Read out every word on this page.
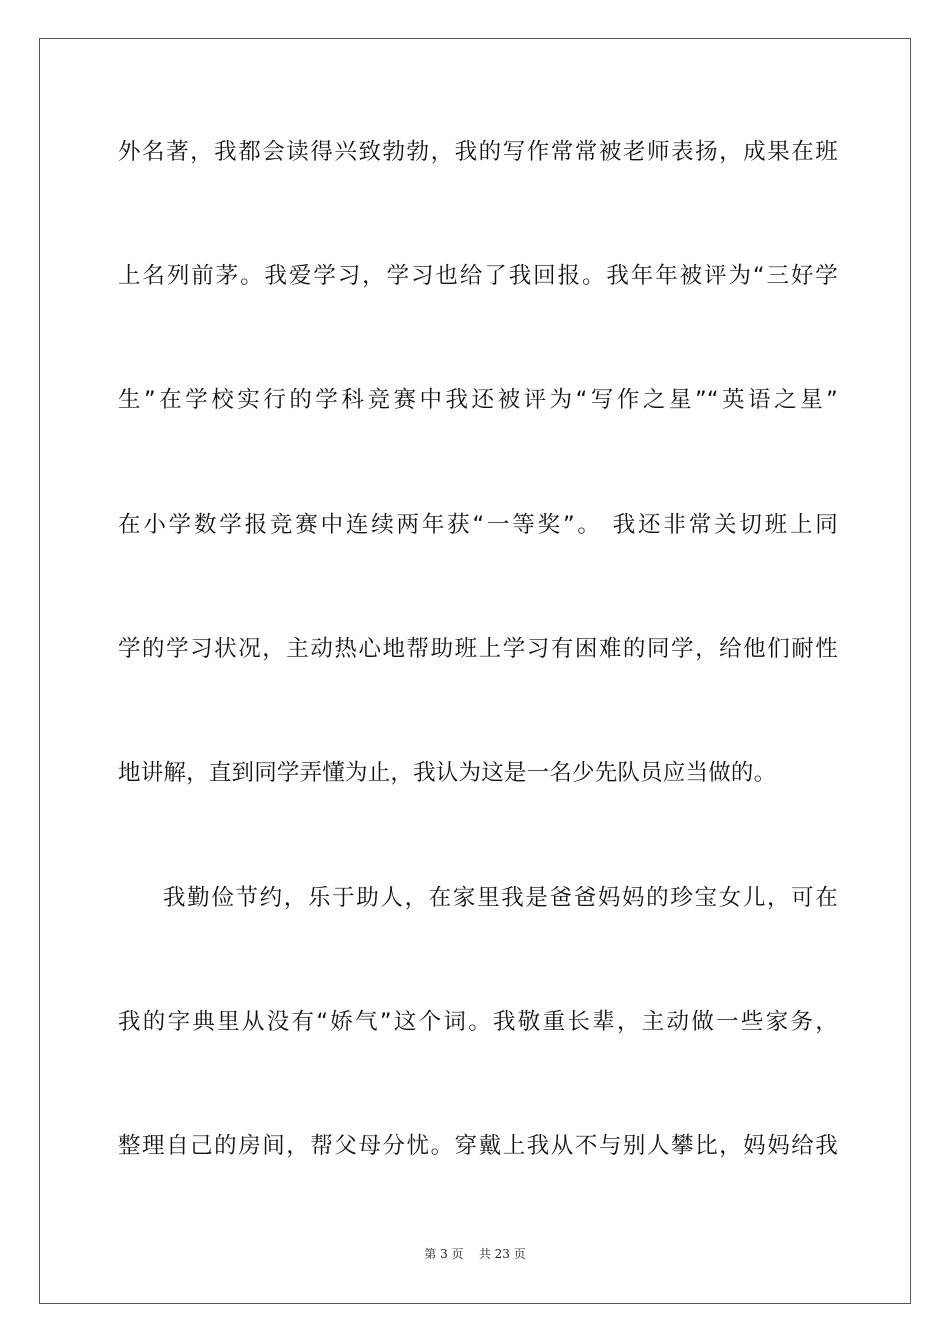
外名著，我都会读得兴致勃勃，我的写作常常被老师表扬，成果在班
上名列前茅。我爱学习，学习也给了我回报。我年年被评为“三好学
生”在学校实行的学科竞赛中我还被评为“写作之星”“英语之星”
在小学数学报竞赛中连续两年获“一等奖”。 我还非常关切班上同
学的学习状况，主动热心地帮助班上学习有困难的同学，给他们耐性
地讲解，直到同学弄懂为止，我认为这是一名少先队员应当做的。
我勤俭节约，乐于助人，在家里我是爸爸妈妈的珍宝女儿，可在
我的字典里从没有“娇气”这个词。我敬重长辈，主动做一些家务，
整理自己的房间，帮父母分忧。穿戴上我从不与别人攀比，妈妈给我
第 3 页 共 23 页
